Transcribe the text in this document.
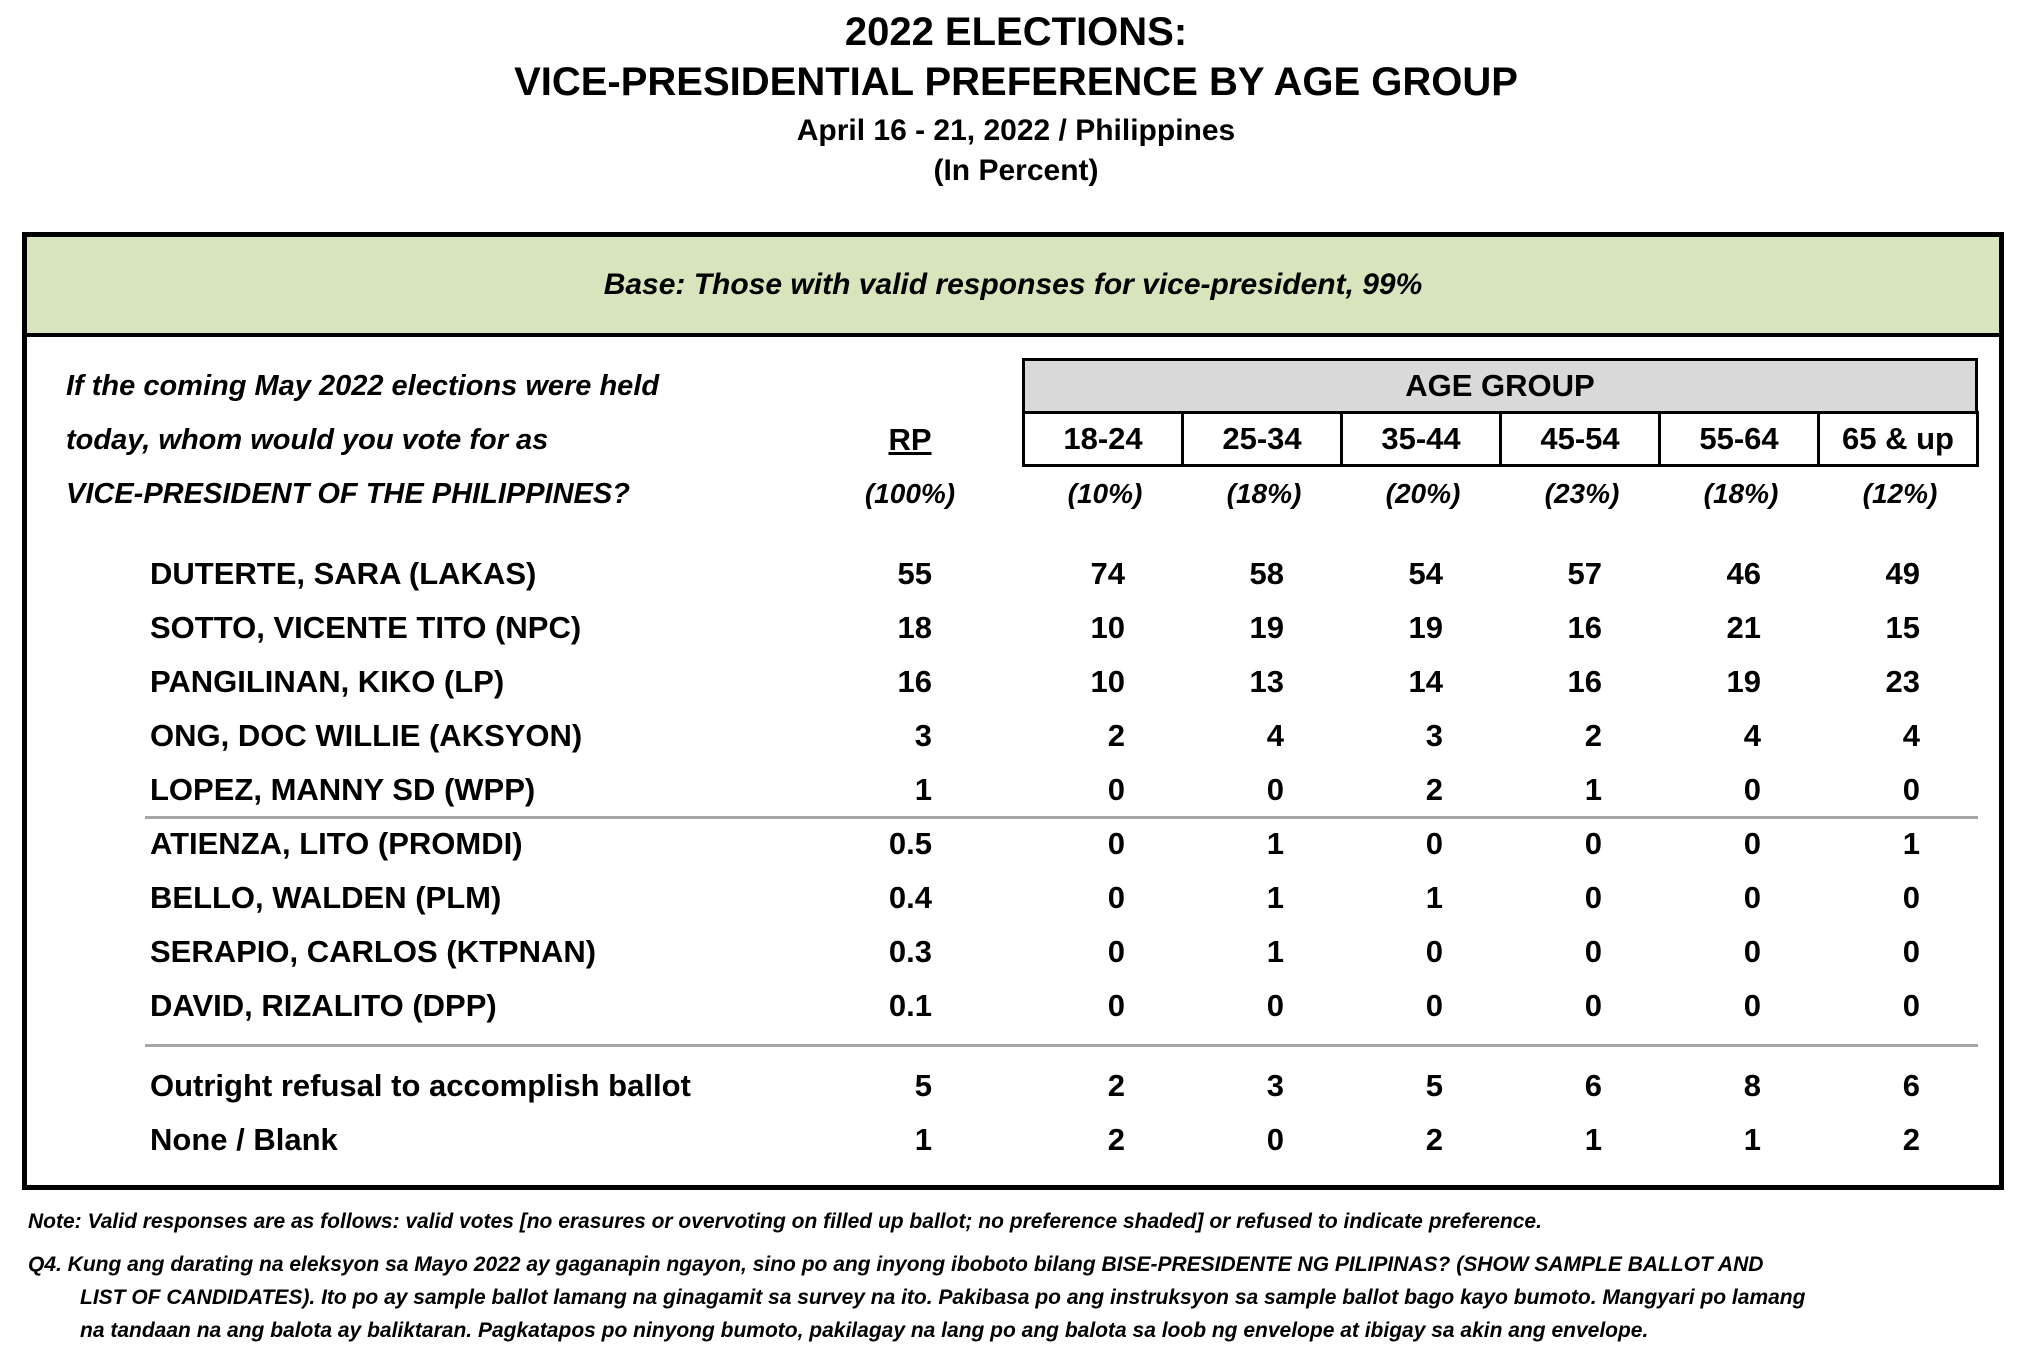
2022 ELECTIONS:
VICE-PRESIDENTIAL PREFERENCE BY AGE GROUP
April 16 - 21, 2022 / Philippines
(In Percent)
Base: Those with valid responses for vice-president, 99%
If the coming May 2022 elections were held
today, whom would you vote for as
VICE-PRESIDENT OF THE PHILIPPINES?
AGE GROUP
RP	18-24	25-34	35-44	45-54	55-64	65 & up
(100%)	(10%)	(18%)	(20%)	(23%)	(18%)	(12%)
DUTERTE, SARA (LAKAS)	55	74	58	54	57	46	49
SOTTO, VICENTE TITO (NPC)	18	10	19	19	16	21	15
PANGILINAN, KIKO (LP)	16	10	13	14	16	19	23
ONG, DOC WILLIE (AKSYON)	3	2	4	3	2	4	4
LOPEZ, MANNY SD (WPP)	1	0	0	2	1	0	0
ATIENZA, LITO (PROMDI)	0.5	0	1	0	0	0	1
BELLO, WALDEN (PLM)	0.4	0	1	1	0	0	0
SERAPIO, CARLOS (KTPNAN)	0.3	0	1	0	0	0	0
DAVID, RIZALITO (DPP)	0.1	0	0	0	0	0	0
Outright refusal to accomplish ballot	5	2	3	5	6	8	6
None / Blank	1	2	0	2	1	1	2
Note: Valid responses are as follows: valid votes [no erasures or overvoting on filled up ballot; no preference shaded] or refused to indicate preference.
Q4. Kung ang darating na eleksyon sa Mayo 2022 ay gaganapin ngayon, sino po ang inyong iboboto bilang BISE-PRESIDENTE NG PILIPINAS? (SHOW SAMPLE BALLOT AND
LIST OF CANDIDATES). Ito po ay sample ballot lamang na ginagamit sa survey na ito. Pakibasa po ang instruksyon sa sample ballot bago kayo bumoto. Mangyari po lamang
na tandaan na ang balota ay baliktaran. Pagkatapos po ninyong bumoto, pakilagay na lang po ang balota sa loob ng envelope at ibigay sa akin ang envelope.
